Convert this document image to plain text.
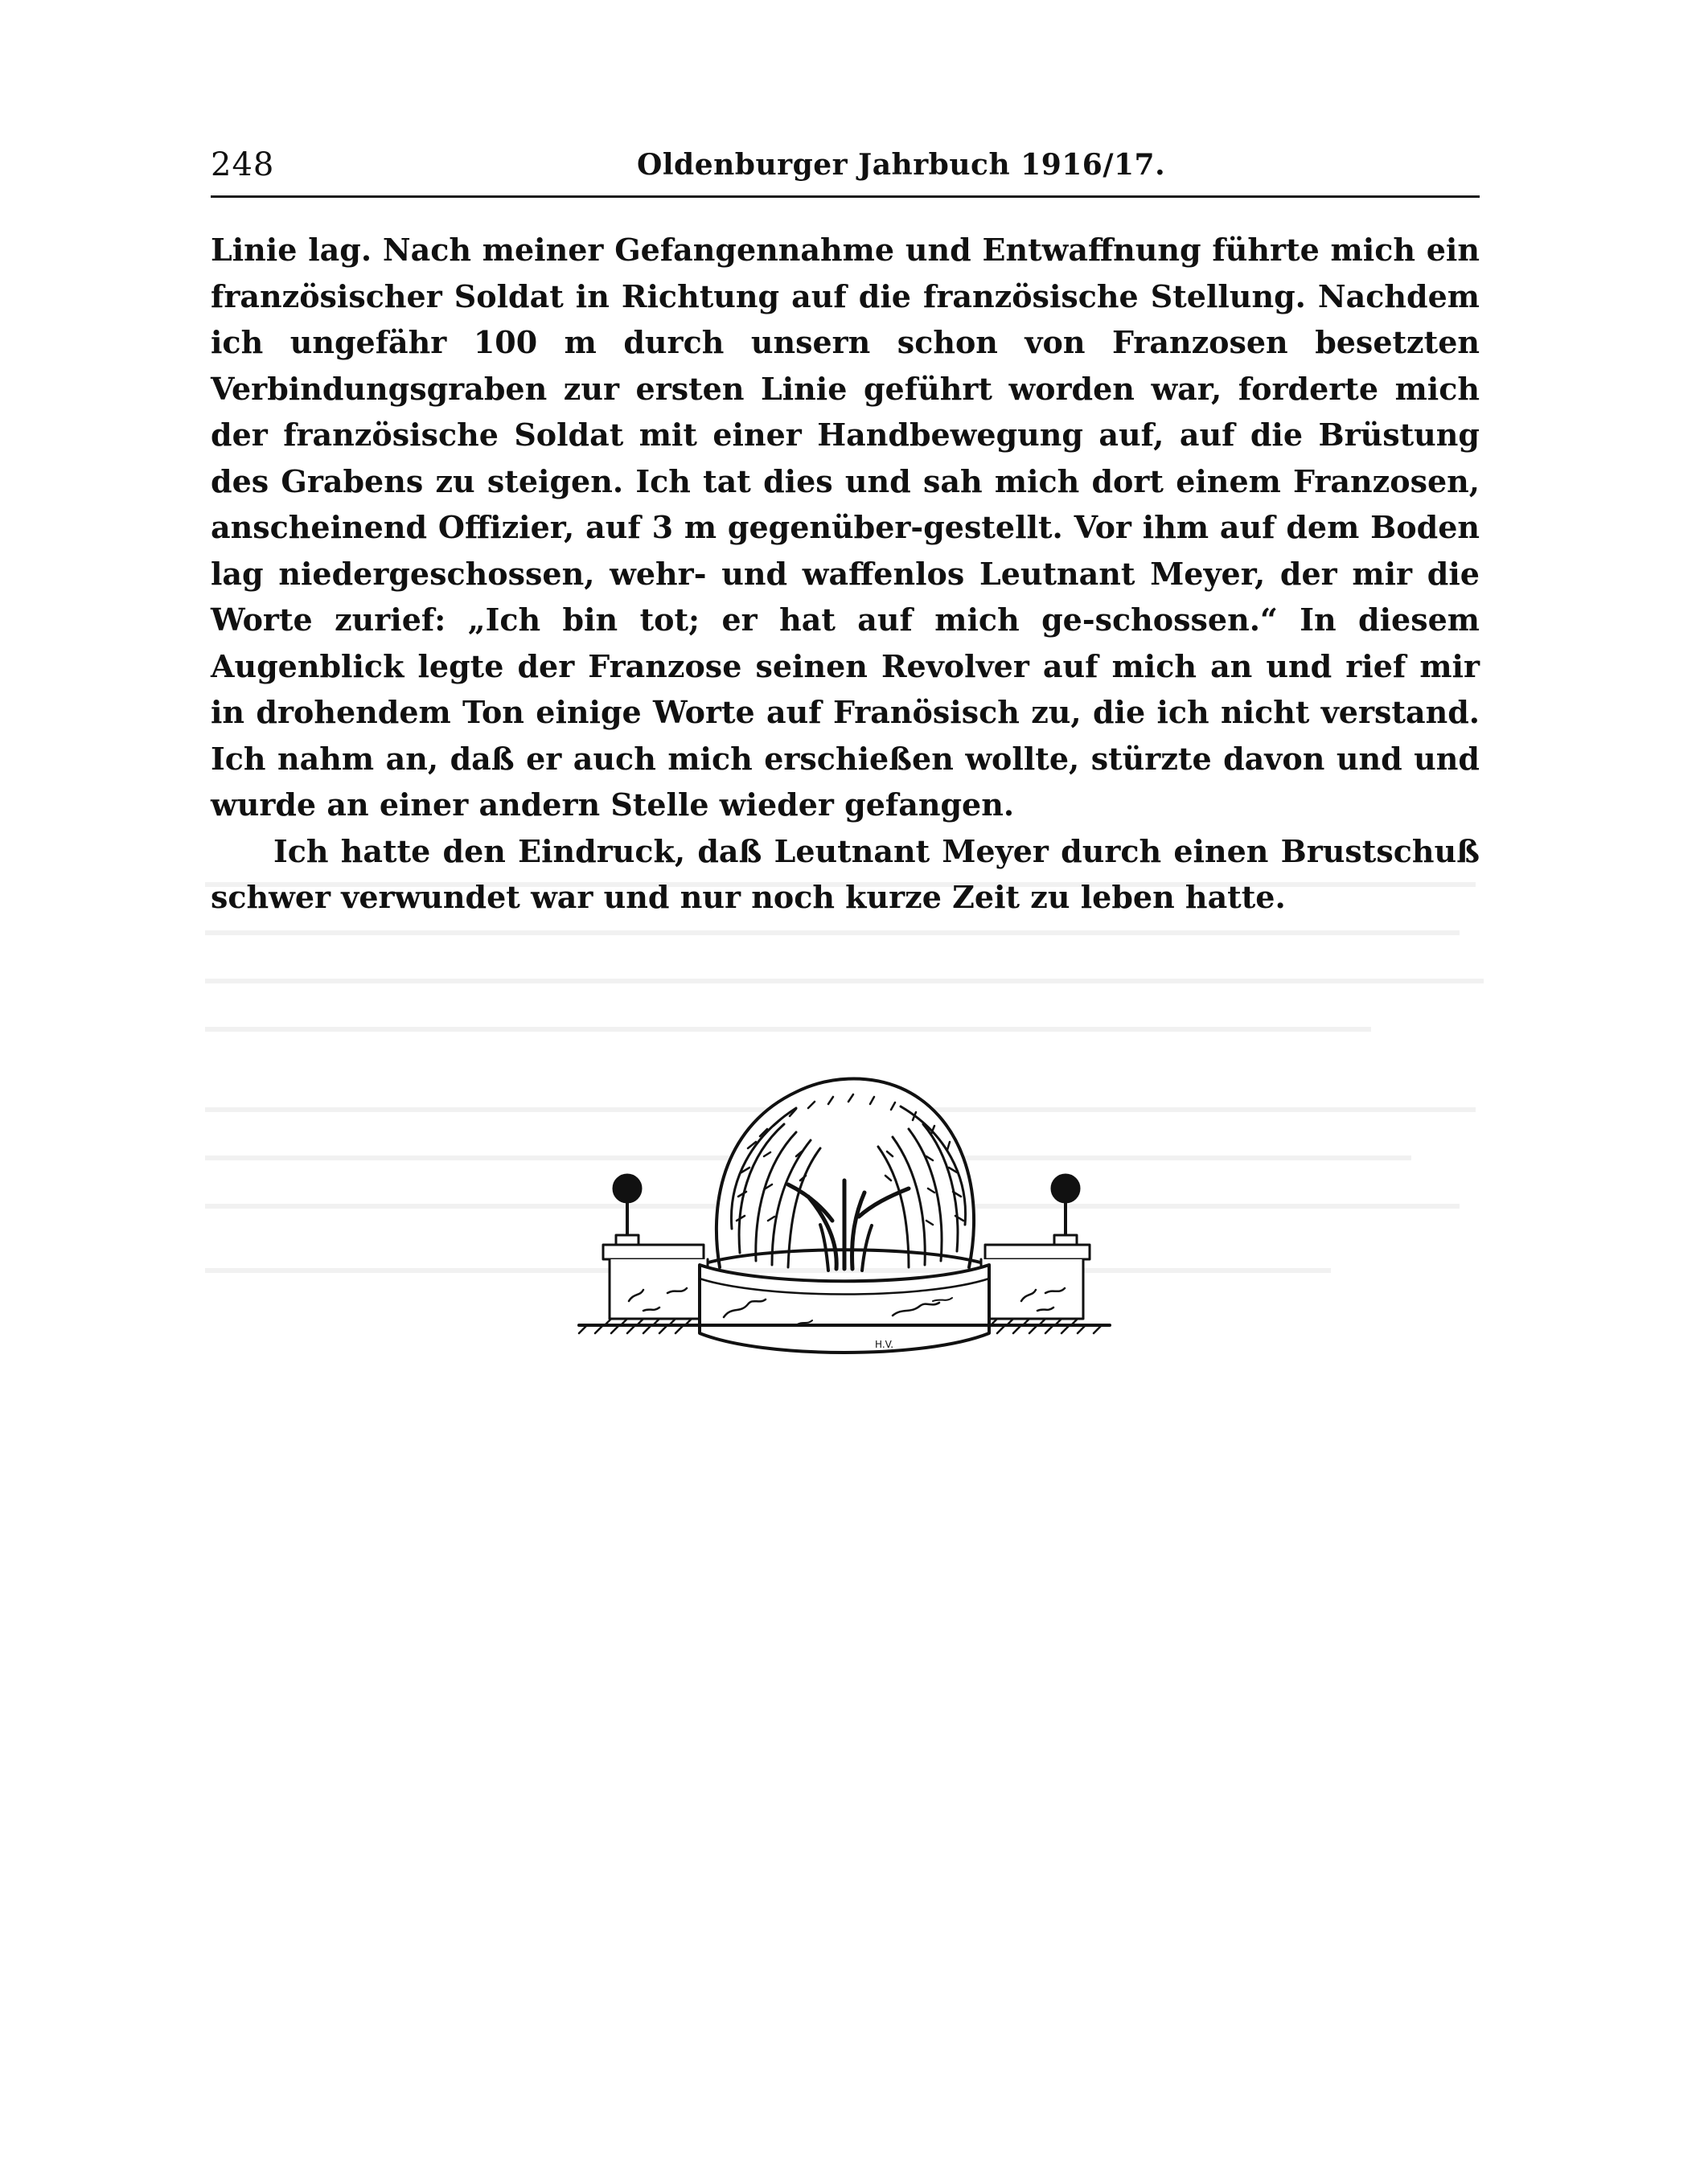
248	Oldenburger Jahrbuch 1916/17.

Linie lag. Nach meiner Gefangennahme und Entwaffnung führte mich ein französischer Soldat in Richtung auf die französische Stellung. Nachdem ich ungefähr 100 m durch unsern schon von Franzosen besetzten Verbindungsgraben zur ersten Linie geführt worden war, forderte mich der französische Soldat mit einer Handbewegung auf, auf die Brüstung des Grabens zu steigen. Ich tat dies und sah mich dort einem Franzosen, anscheinend Offizier, auf 3 m gegenüber-gestellt. Vor ihm auf dem Boden lag niedergeschossen, wehr- und waffenlos Leutnant Meyer, der mir die Worte zurief: „Ich bin tot; er hat auf mich ge-schossen.“ In diesem Augenblick legte der Franzose seinen Revolver auf mich an und rief mir in drohendem Ton einige Worte auf Franösisch zu, die ich nicht verstand. Ich nahm an, daß er auch mich erschießen wollte, stürzte davon und und wurde an einer andern Stelle wieder gefangen.

Ich hatte den Eindruck, daß Leutnant Meyer durch einen Brustschuß schwer verwundet war und nur noch kurze Zeit zu leben hatte.

H.V.
